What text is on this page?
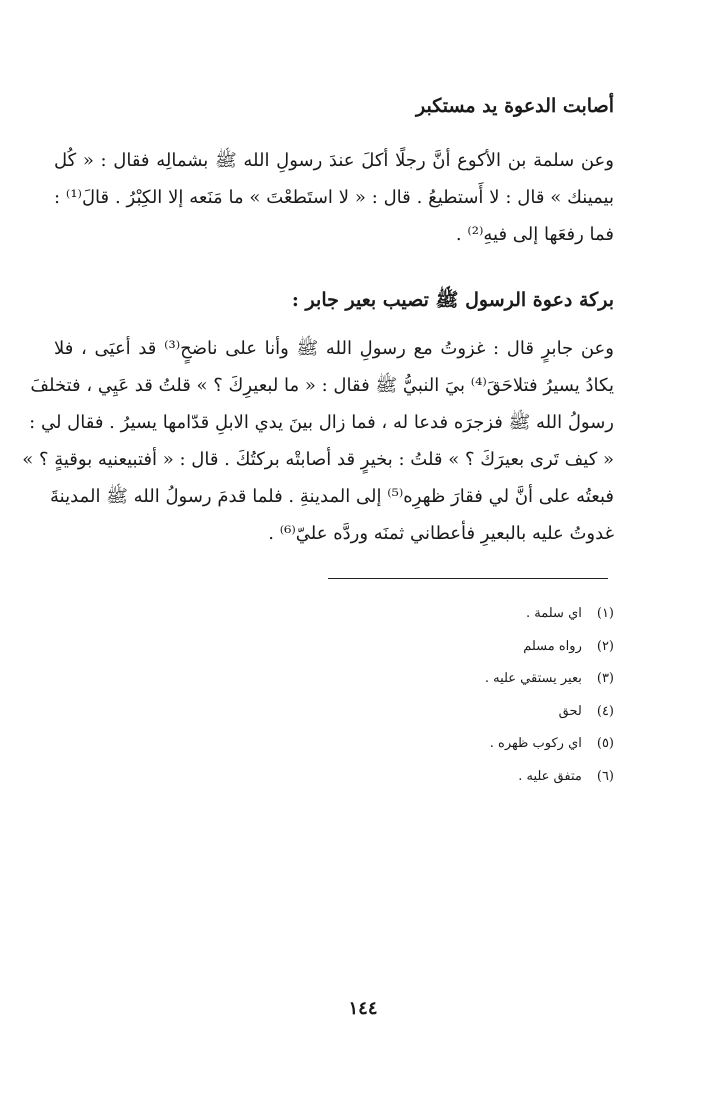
أصابت الدعوة يد مستكبر

وعن سلمة بن الأكوع أنَّ رجلًا أكلَ عندَ رسولِ الله ﷺ بشمالِه فقال : « كُل
بيمينك » قال : لا أَستطيعُ . قال : « لا استَطعْتَ » ما مَنَعه إلا الكِبْرُ . قالَ⁽¹⁾ :
فما رفعَها إلى فيهِ⁽²⁾ .

بركة دعوة الرسول ﷺ تصيب بعير جابر :

وعن جابرٍ قال : غزوتُ مع رسولِ الله ﷺ وأنا على ناضحٍ⁽³⁾ قد أعيَى ، فلا
يكادُ يسيرُ فتلاحَقَ⁽⁴⁾ بيَ النبيُّ ﷺ فقال : « ما لبعيرِكَ ؟ » قلتُ قد عَيِي ، فتخلفَ
رسولُ الله ﷺ فزجرَه فدعا له ، فما زال بينَ يدي الابلِ قدّامها يسيرُ . فقال لي :
« كيف تَرى بعيرَكَ ؟ » قلتُ : بخيرٍ قد أصابتْه بركتُكَ . قال : « أفتبيعنيه بوقيةٍ ؟ »
فبعتُه على أنَّ لي فقارَ ظهرِه⁽⁵⁾ إلى المدينةِ . فلما قدمَ رسولُ الله ﷺ المدينةَ
غدوتُ عليه بالبعيرِ فأعطاني ثمنَه وردَّه عليّ⁽⁶⁾ .

(١) اي سلمة .
(٢) رواه مسلم
(٣) بعير يستقي عليه .
(٤) لحق
(٥) اي ركوب ظهره .
(٦) متفق عليه .
١٤٤
